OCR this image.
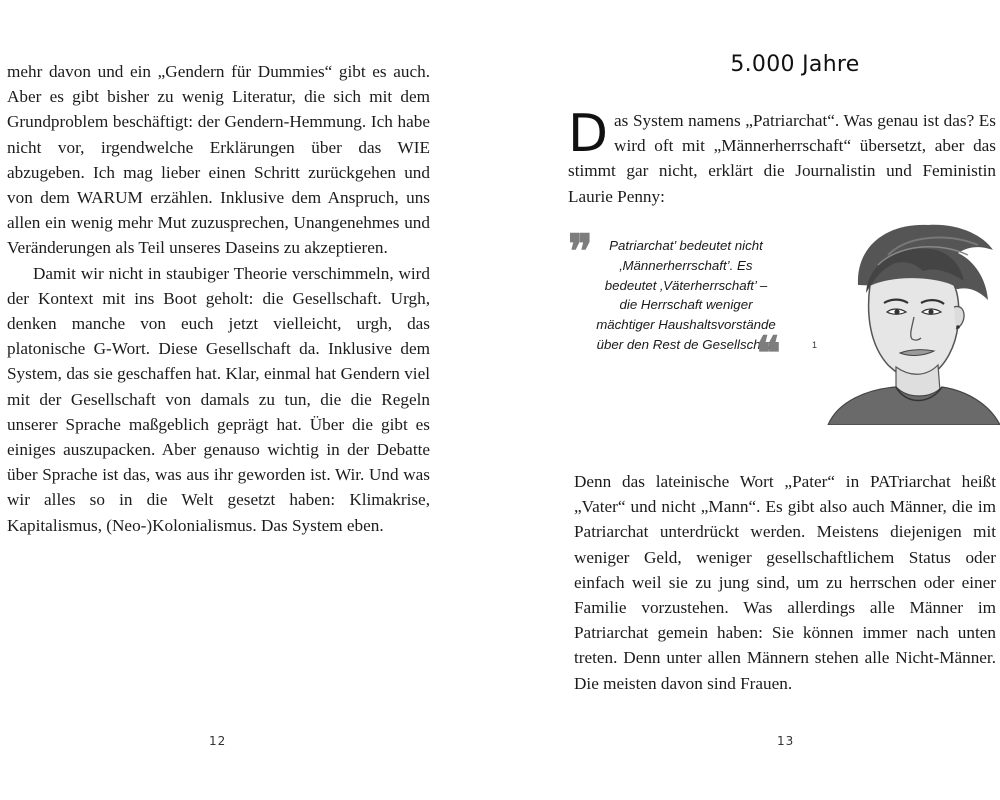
mehr davon und ein „Gendern für Dummies“ gibt es auch. Aber es gibt bisher zu wenig Literatur, die sich mit dem Grundproblem beschäftigt: der Gendern-Hemmung. Ich habe nicht vor, irgendwelche Erklärungen über das WIE abzugeben. Ich mag lieber einen Schritt zurückgehen und von dem WARUM erzählen. Inklusive dem Anspruch, uns allen ein wenig mehr Mut zuzusprechen, Unangenehmes und Veränderungen als Teil unseres Daseins zu akzeptieren.

Damit wir nicht in staubiger Theorie verschimmeln, wird der Kontext mit ins Boot geholt: die Gesellschaft. Urgh, denken manche von euch jetzt vielleicht, urgh, das platonische G-Wort. Diese Gesellschaft da. Inklusive dem System, das sie geschaffen hat. Klar, einmal hat Gendern viel mit der Gesellschaft von damals zu tun, die die Regeln unserer Sprache maßgeblich geprägt hat. Über die gibt es einiges auszupacken. Aber genauso wichtig in der Debatte über Sprache ist das, was aus ihr geworden ist. Wir. Und was wir alles so in die Welt gesetzt haben: Klimakrise, Kapitalismus, (Neo-)Kolonialismus. Das System eben.

12
5.000 Jahre

Das System namens „Patriarchat“. Was genau ist das? Es wird oft mit „Männerherrschaft“ übersetzt, aber das stimmt gar nicht, erklärt die Journalistin und Feministin Laurie Penny:

❞	Patriarchat’ bedeutet nicht ‚Männerherrschaft’. Es bedeutet ‚Väterherrschaft’ – die Herrschaft weniger mächtiger Haushaltsvorstände über den Rest de Gesellschaft

❝	1

Denn das lateinische Wort „Pater“ in PATriarchat heißt „Vater“ und nicht „Mann“. Es gibt also auch Männer, die im Patriarchat unterdrückt werden. Meistens diejenigen mit weniger Geld, weniger gesellschaftlichem Status oder einfach weil sie zu jung sind, um zu herrschen oder einer Familie vorzustehen. Was allerdings alle Männer im Patriarchat gemein haben: Sie können immer nach unten treten. Denn unter allen Männern stehen alle Nicht-Männer. Die meisten davon sind Frauen.

13
